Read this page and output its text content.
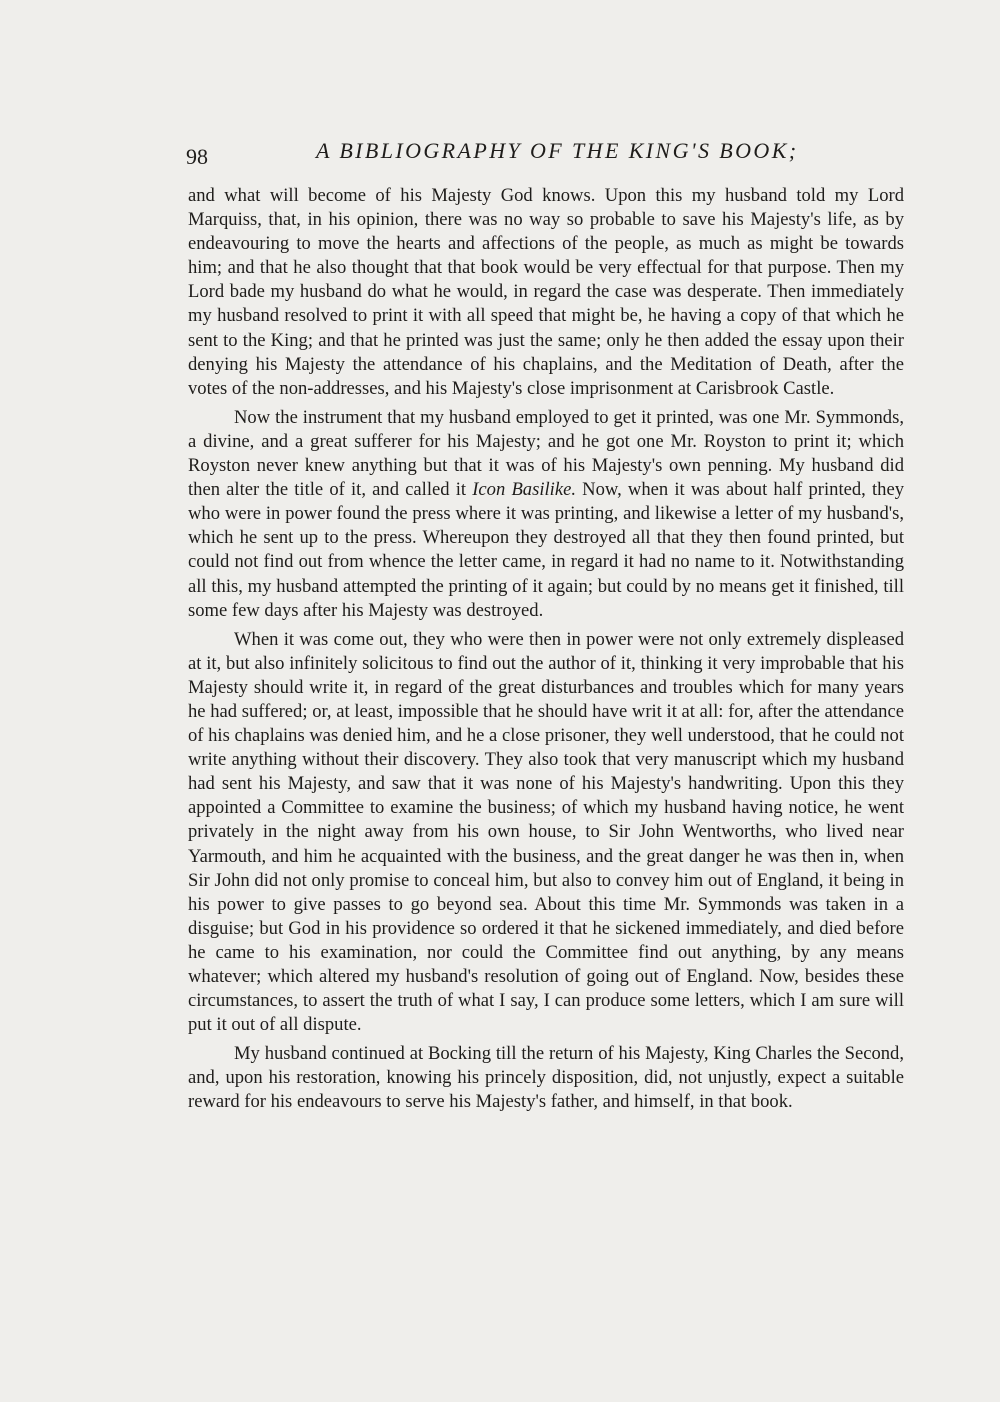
98	A BIBLIOGRAPHY OF THE KING'S BOOK;

and what will become of his Majesty God knows. Upon this my husband told my Lord Marquiss, that, in his opinion, there was no way so probable to save his Majesty's life, as by endeavouring to move the hearts and affections of the people, as much as might be towards him; and that he also thought that that book would be very effectual for that purpose. Then my Lord bade my husband do what he would, in regard the case was desperate. Then immediately my husband resolved to print it with all speed that might be, he having a copy of that which he sent to the King; and that he printed was just the same; only he then added the essay upon their denying his Majesty the attendance of his chaplains, and the Meditation of Death, after the votes of the non-addresses, and his Majesty's close imprisonment at Carisbrook Castle.

Now the instrument that my husband employed to get it printed, was one Mr. Symmonds, a divine, and a great sufferer for his Majesty; and he got one Mr. Royston to print it; which Royston never knew anything but that it was of his Majesty's own penning. My husband did then alter the title of it, and called it Icon Basilike. Now, when it was about half printed, they who were in power found the press where it was printing, and likewise a letter of my husband's, which he sent up to the press. Whereupon they destroyed all that they then found printed, but could not find out from whence the letter came, in regard it had no name to it. Notwithstanding all this, my husband attempted the printing of it again; but could by no means get it finished, till some few days after his Majesty was destroyed.

When it was come out, they who were then in power were not only extremely displeased at it, but also infinitely solicitous to find out the author of it, thinking it very improbable that his Majesty should write it, in regard of the great disturbances and troubles which for many years he had suffered; or, at least, impossible that he should have writ it at all: for, after the attendance of his chaplains was denied him, and he a close prisoner, they well understood, that he could not write anything without their discovery. They also took that very manuscript which my husband had sent his Majesty, and saw that it was none of his Majesty's handwriting. Upon this they appointed a Committee to examine the business; of which my husband having notice, he went privately in the night away from his own house, to Sir John Wentworths, who lived near Yarmouth, and him he acquainted with the business, and the great danger he was then in, when Sir John did not only promise to conceal him, but also to convey him out of England, it being in his power to give passes to go beyond sea. About this time Mr. Symmonds was taken in a disguise; but God in his providence so ordered it that he sickened immediately, and died before he came to his examination, nor could the Committee find out anything, by any means whatever; which altered my husband's resolution of going out of England. Now, besides these circumstances, to assert the truth of what I say, I can produce some letters, which I am sure will put it out of all dispute.

My husband continued at Bocking till the return of his Majesty, King Charles the Second, and, upon his restoration, knowing his princely disposition, did, not unjustly, expect a suitable reward for his endeavours to serve his Majesty's father, and himself, in that book.
